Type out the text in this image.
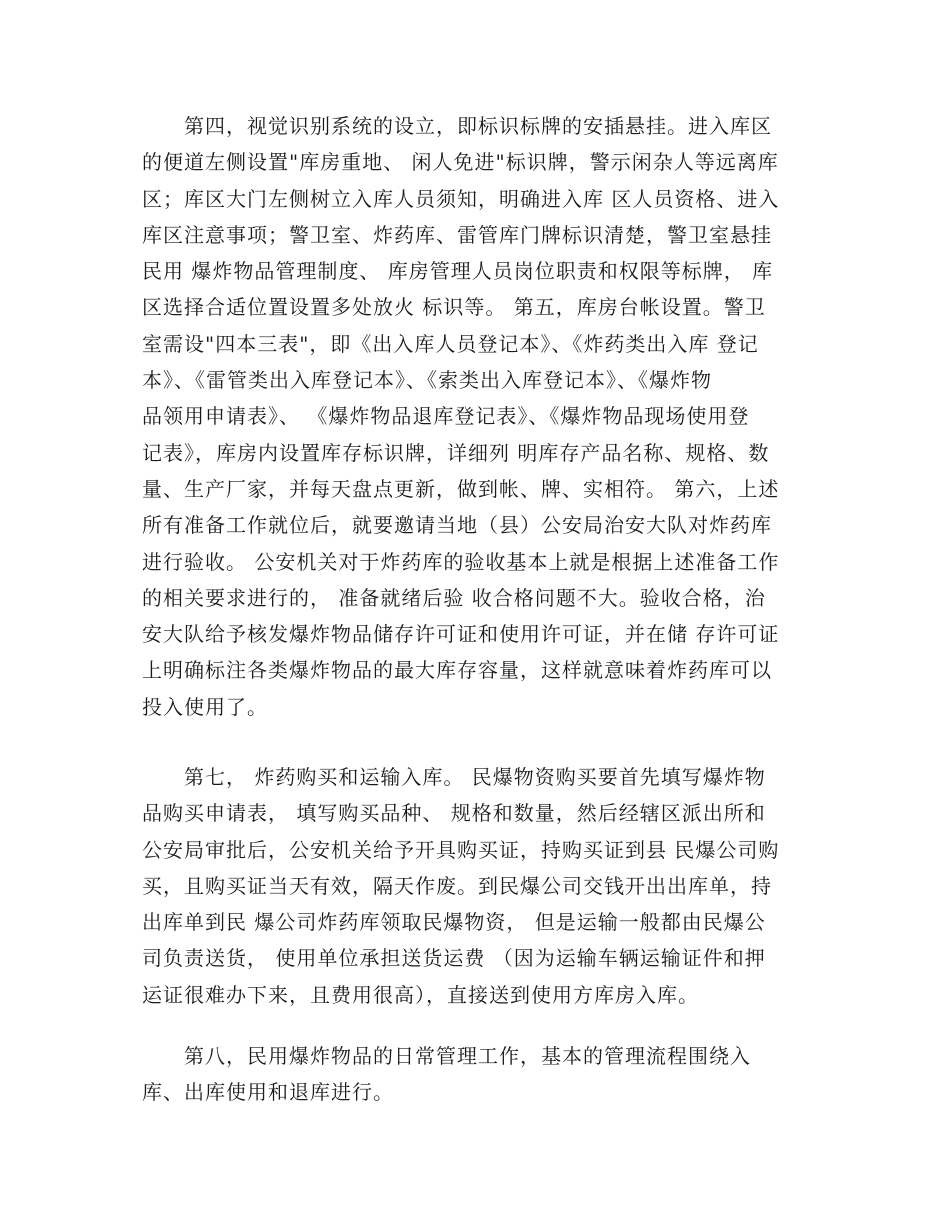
　　第四，视觉识别系统的设立，即标识标牌的安插悬挂。进入库区
的便道左侧设置"库房重地、 闲人免进"标识牌，警示闲杂人等远离库
区；库区大门左侧树立入库人员须知，明确进入库 区人员资格、进入
库区注意事项；警卫室、炸药库、雷管库门牌标识清楚，警卫室悬挂
民用 爆炸物品管理制度、 库房管理人员岗位职责和权限等标牌， 库
区选择合适位置设置多处放火 标识等。 第五，库房台帐设置。警卫
室需设"四本三表"，即《出入库人员登记本》、《炸药类出入库 登记
本》、《雷管类出入库登记本》、《索类出入库登记本》、《爆炸物
品领用申请表》、 《爆炸物品退库登记表》、《爆炸物品现场使用登
记表》，库房内设置库存标识牌，详细列 明库存产品名称、规格、数
量、生产厂家，并每天盘点更新，做到帐、牌、实相符。 第六，上述
所有准备工作就位后，就要邀请当地（县）公安局治安大队对炸药库
进行验收。 公安机关对于炸药库的验收基本上就是根据上述准备工作
的相关要求进行的， 准备就绪后验 收合格问题不大。验收合格，治
安大队给予核发爆炸物品储存许可证和使用许可证，并在储 存许可证
上明确标注各类爆炸物品的最大库存容量，这样就意味着炸药库可以
投入使用了。
　　第七， 炸药购买和运输入库。 民爆物资购买要首先填写爆炸物
品购买申请表， 填写购买品种、 规格和数量，然后经辖区派出所和
公安局审批后，公安机关给予开具购买证，持购买证到县 民爆公司购
买，且购买证当天有效，隔天作废。到民爆公司交钱开出出库单，持
出库单到民 爆公司炸药库领取民爆物资， 但是运输一般都由民爆公
司负责送货， 使用单位承担送货运费 （因为运输车辆运输证件和押
运证很难办下来，且费用很高），直接送到使用方库房入库。
　　第八，民用爆炸物品的日常管理工作，基本的管理流程围绕入
库、出库使用和退库进行。
